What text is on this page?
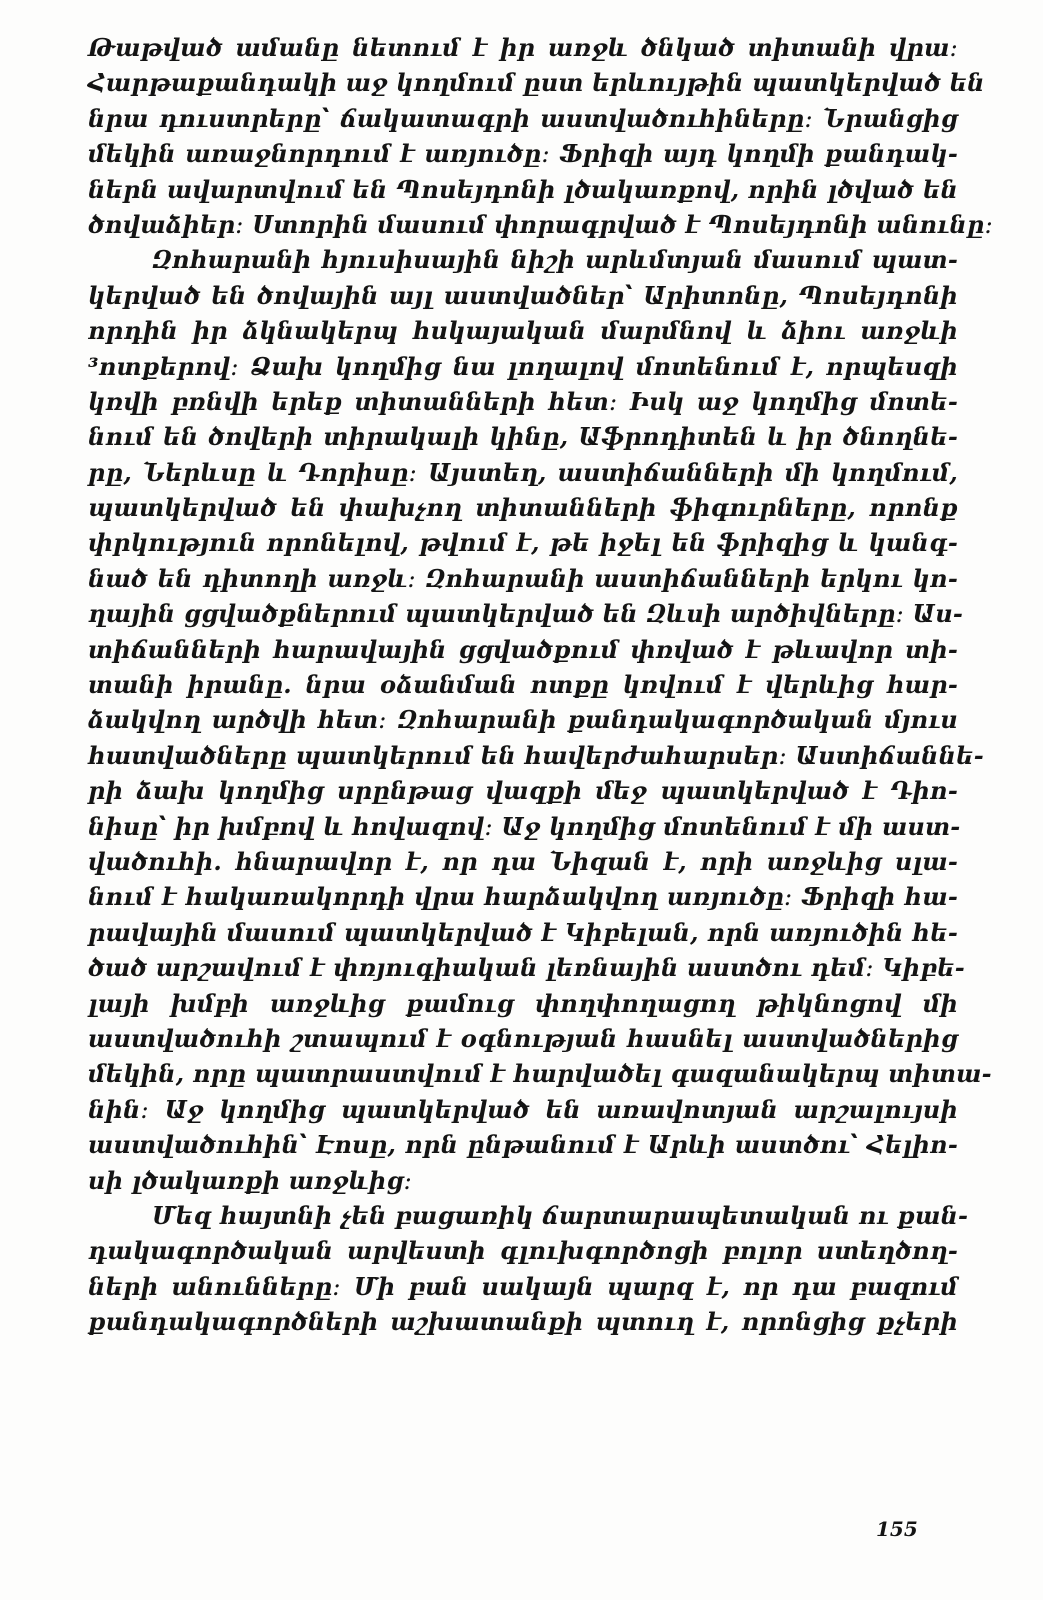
Թաթված ամանը նետում է իր առջև ծնկած տիտանի վրա։
Հարթաքանդակի աջ կողմում ըստ երևույթին պատկերված են
նրա դուստրերը՝ ճակատագրի աստվածուհիները։ Նրանցից
մեկին առաջնորդում է առյուծը։ Ֆրիզի այդ կողմի քանդակ-
ներն ավարտվում են Պոսեյդոնի լծակառքով, որին լծված են
ծովաձիեր։ Ստորին մասում փորագրված է Պոսեյդոնի անունը։
Զոհարանի հյուսիսային նիշի արևմտյան մասում պատ-
կերված են ծովային այլ աստվածներ՝ Արիտոնը, Պոսեյդոնի
որդին իր ձկնակերպ հսկայական մարմնով և ձիու առջևի
³ոտքերով։ Ձախ կողմից նա լողալով մոտենում է, որպեսզի
կռվի բռնվի երեք տիտանների հետ։ Իսկ աջ կողմից մոտե-
նում են ծովերի տիրակալի կինը, Աֆրոդիտեն և իր ծնողնե-
րը, Ներևսը և Դորիսը։ Այստեղ, աստիճանների մի կողմում,
պատկերված են փախչող տիտանների ֆիգուրները, որոնք
փրկություն որոնելով, թվում է, թե իջել են ֆրիզից և կանգ-
նած են դիտողի առջև։ Զոհարանի աստիճանների երկու կո-
ղային ցցվածքներում պատկերված են Զևսի արծիվները։ Աս-
տիճանների հարավային ցցվածքում փռված է թևավոր տի-
տանի իրանը. նրա օձանման ոտքը կռվում է վերևից հար-
ձակվող արծվի հետ։ Զոհարանի քանդակագործական մյուս
հատվածները պատկերում են հավերժահարսեր։ Աստիճաննե-
րի ձախ կողմից սրընթաց վազքի մեջ պատկերված է Դիո-
նիսը՝ իր խմբով և հովազով։ Աջ կողմից մոտենում է մի աստ-
վածուհի. հնարավոր է, որ դա Նիզան է, որի առջևից սլա-
նում է հակառակորդի վրա հարձակվող առյուծը։ Ֆրիզի հա-
րավային մասում պատկերված է Կիբելան, որն առյուծին հե-
ծած արշավում է փռյուգիական լեռնային աստծու դեմ։ Կիբե-
լայի խմբի առջևից քամուց փողփողացող թիկնոցով մի
աստվածուհի շտապում է օգնության հասնել աստվածներից
մեկին, որը պատրաստվում է հարվածել գազանակերպ տիտա-
նին։ Աջ կողմից պատկերված են առավոտյան արշալույսի
աստվածուհին՝ Էոսը, որն ընթանում է Արևի աստծու՝ Հելիո-
սի լծակառքի առջևից։
Մեզ հայտնի չեն բացառիկ ճարտարապետական ու քան-
դակագործական արվեստի գլուխգործոցի բոլոր ստեղծող-
ների անունները։ Մի բան սակայն պարզ է, որ դա բազում
քանդակագործների աշխատանքի պտուղ է, որոնցից քչերի
155
